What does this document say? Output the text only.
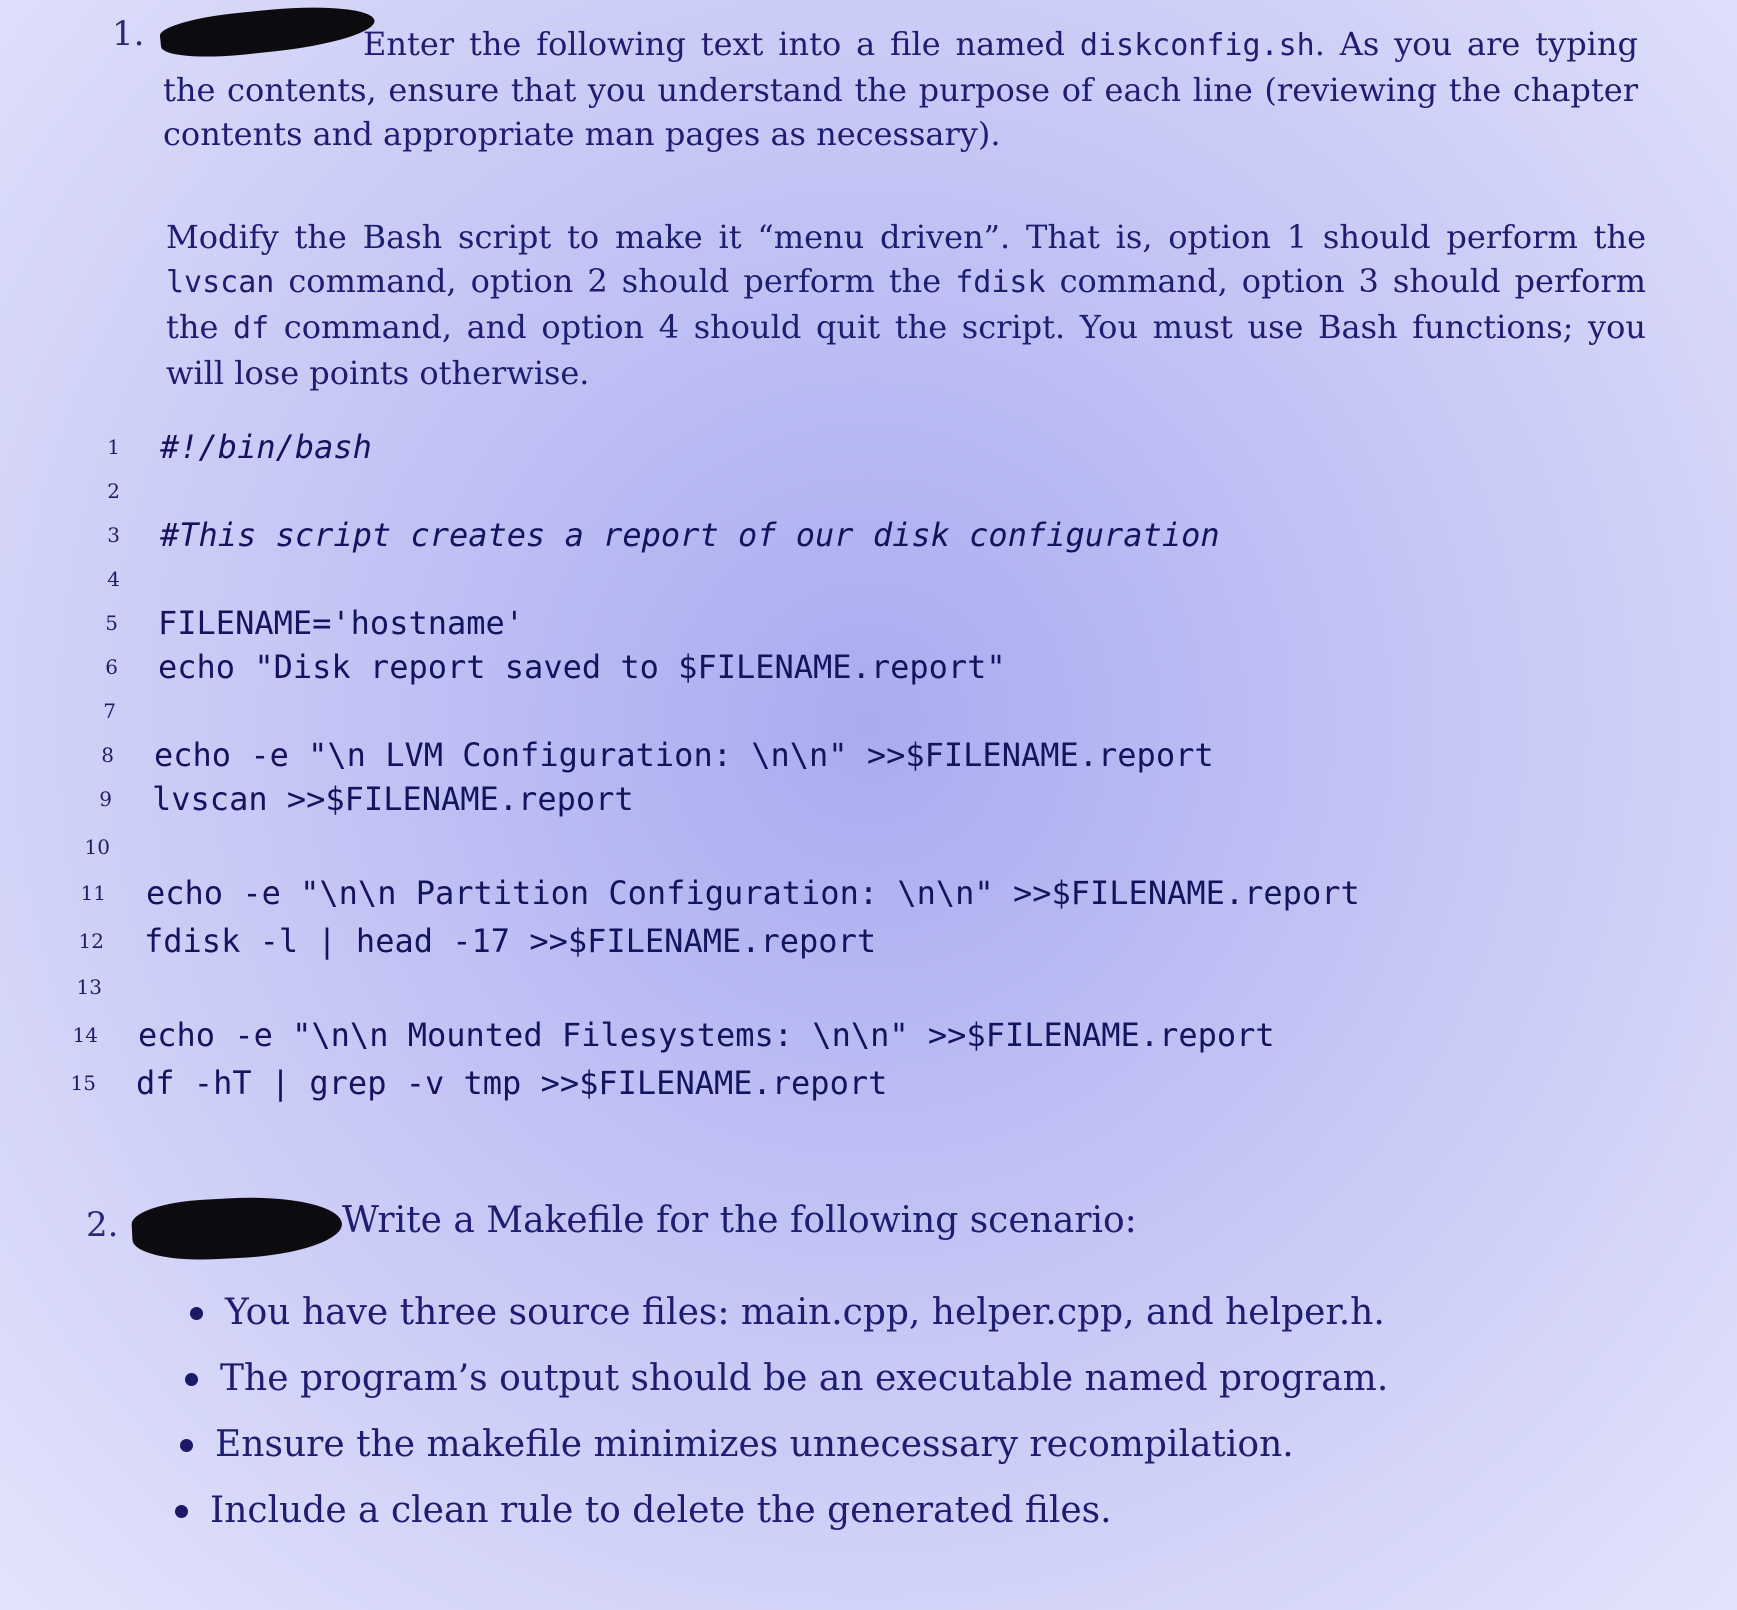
1.	Enter the following text into a file named diskconfig.sh. As you are typing the contents, ensure that you understand the purpose of each line (reviewing the chapter contents and appropriate man pages as necessary).
Modify the Bash script to make it “menu driven”. That is, option 1 should perform the lvscan command, option 2 should perform the fdisk command, option 3 should perform the df command, and option 4 should quit the script. You must use Bash functions; you will lose points otherwise.
1	#!/bin/bash
2
3	#This script creates a report of our disk configuration
4
5	FILENAME='hostname'
6	echo "Disk report saved to $FILENAME.report"
7
8	echo -e "\n LVM Configuration: \n\n" >>$FILENAME.report
9	lvscan >>$FILENAME.report
10
11	echo -e "\n\n Partition Configuration: \n\n" >>$FILENAME.report
12	fdisk -l | head -17 >>$FILENAME.report
13
14	echo -e "\n\n Mounted Filesystems: \n\n" >>$FILENAME.report
15	df -hT | grep -v tmp >>$FILENAME.report
2.	Write a Makefile for the following scenario:
You have three source files: main.cpp, helper.cpp, and helper.h.
The program’s output should be an executable named program.
Ensure the makefile minimizes unnecessary recompilation.
Include a clean rule to delete the generated files.
